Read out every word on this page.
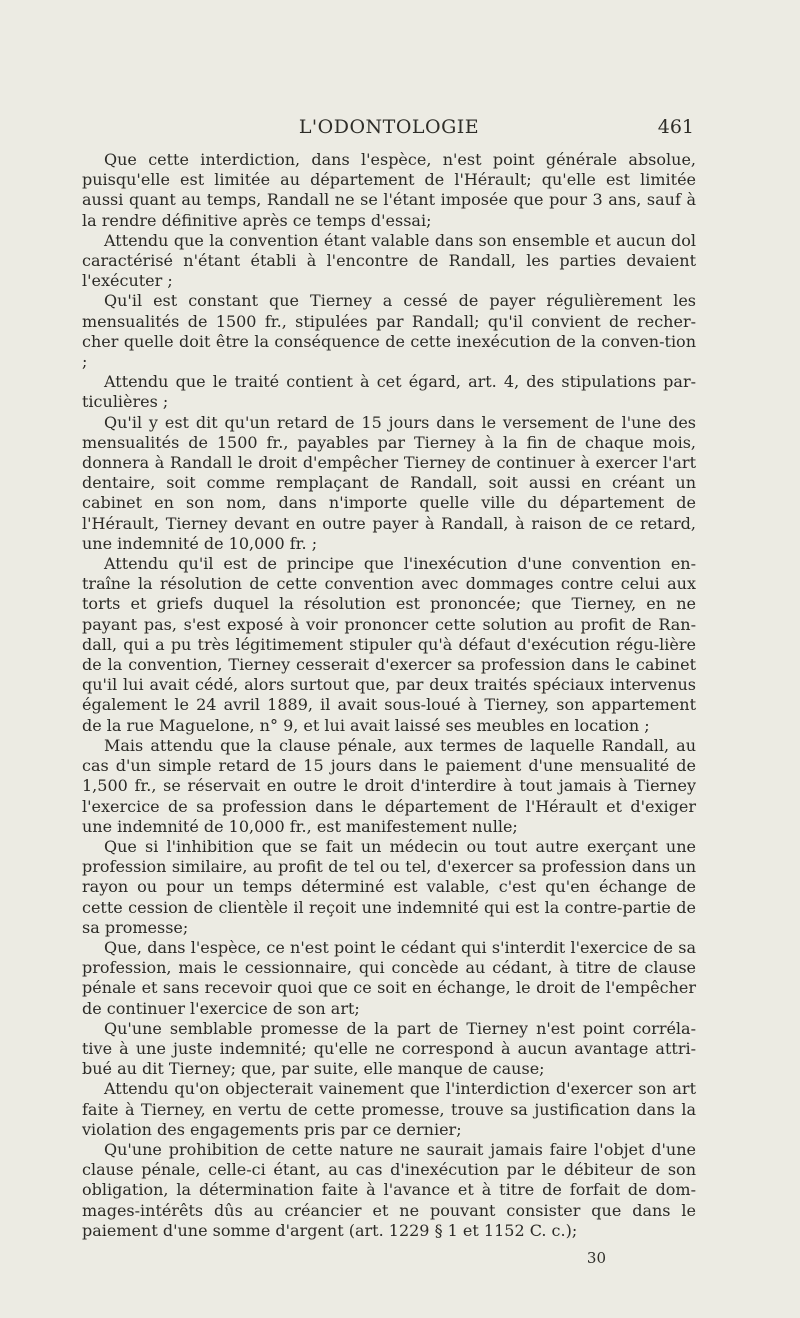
L'ODONTOLOGIE	461

Que cette interdiction, dans l'espèce, n'est point générale absolue, puisqu'elle est limitée au département de l'Hérault; qu'elle est limitée aussi quant au temps, Randall ne se l'étant imposée que pour 3 ans, sauf à la rendre définitive après ce temps d'essai;

Attendu que la convention étant valable dans son ensemble et aucun dol caractérisé n'étant établi à l'encontre de Randall, les parties devaient l'exécuter ;

Qu'il est constant que Tierney a cessé de payer régulièrement les mensualités de 1500 fr., stipulées par Randall; qu'il convient de recher-cher quelle doit être la conséquence de cette inexécution de la conven-tion ;

Attendu que le traité contient à cet égard, art. 4, des stipulations par-ticulières ;

Qu'il y est dit qu'un retard de 15 jours dans le versement de l'une des mensualités de 1500 fr., payables par Tierney à la fin de chaque mois, donnera à Randall le droit d'empêcher Tierney de continuer à exercer l'art dentaire, soit comme remplaçant de Randall, soit aussi en créant un cabinet en son nom, dans n'importe quelle ville du département de l'Hérault, Tierney devant en outre payer à Randall, à raison de ce retard, une indemnité de 10,000 fr. ;

Attendu qu'il est de principe que l'inexécution d'une convention en-traîne la résolution de cette convention avec dommages contre celui aux torts et griefs duquel la résolution est prononcée; que Tierney, en ne payant pas, s'est exposé à voir prononcer cette solution au profit de Ran-dall, qui a pu très légitimement stipuler qu'à défaut d'exécution régu-lière de la convention, Tierney cesserait d'exercer sa profession dans le cabinet qu'il lui avait cédé, alors surtout que, par deux traités spéciaux intervenus également le 24 avril 1889, il avait sous-loué à Tierney, son appartement de la rue Maguelone, n° 9, et lui avait laissé ses meubles en location ;

Mais attendu que la clause pénale, aux termes de laquelle Randall, au cas d'un simple retard de 15 jours dans le paiement d'une mensualité de 1,500 fr., se réservait en outre le droit d'interdire à tout jamais à Tierney l'exercice de sa profession dans le département de l'Hérault et d'exiger une indemnité de 10,000 fr., est manifestement nulle;

Que si l'inhibition que se fait un médecin ou tout autre exerçant une profession similaire, au profit de tel ou tel, d'exercer sa profession dans un rayon ou pour un temps déterminé est valable, c'est qu'en échange de cette cession de clientèle il reçoit une indemnité qui est la contre-partie de sa promesse;

Que, dans l'espèce, ce n'est point le cédant qui s'interdit l'exercice de sa profession, mais le cessionnaire, qui concède au cédant, à titre de clause pénale et sans recevoir quoi que ce soit en échange, le droit de l'empêcher de continuer l'exercice de son art;

Qu'une semblable promesse de la part de Tierney n'est point corréla-tive à une juste indemnité; qu'elle ne correspond à aucun avantage attri-bué au dit Tierney; que, par suite, elle manque de cause;

Attendu qu'on objecterait vainement que l'interdiction d'exercer son art faite à Tierney, en vertu de cette promesse, trouve sa justification dans la violation des engagements pris par ce dernier;

Qu'une prohibition de cette nature ne saurait jamais faire l'objet d'une clause pénale, celle-ci étant, au cas d'inexécution par le débiteur de son obligation, la détermination faite à l'avance et à titre de forfait de dom-mages-intérêts dûs au créancier et ne pouvant consister que dans le paiement d'une somme d'argent (art. 1229 § 1 et 1152 C. c.);

30
